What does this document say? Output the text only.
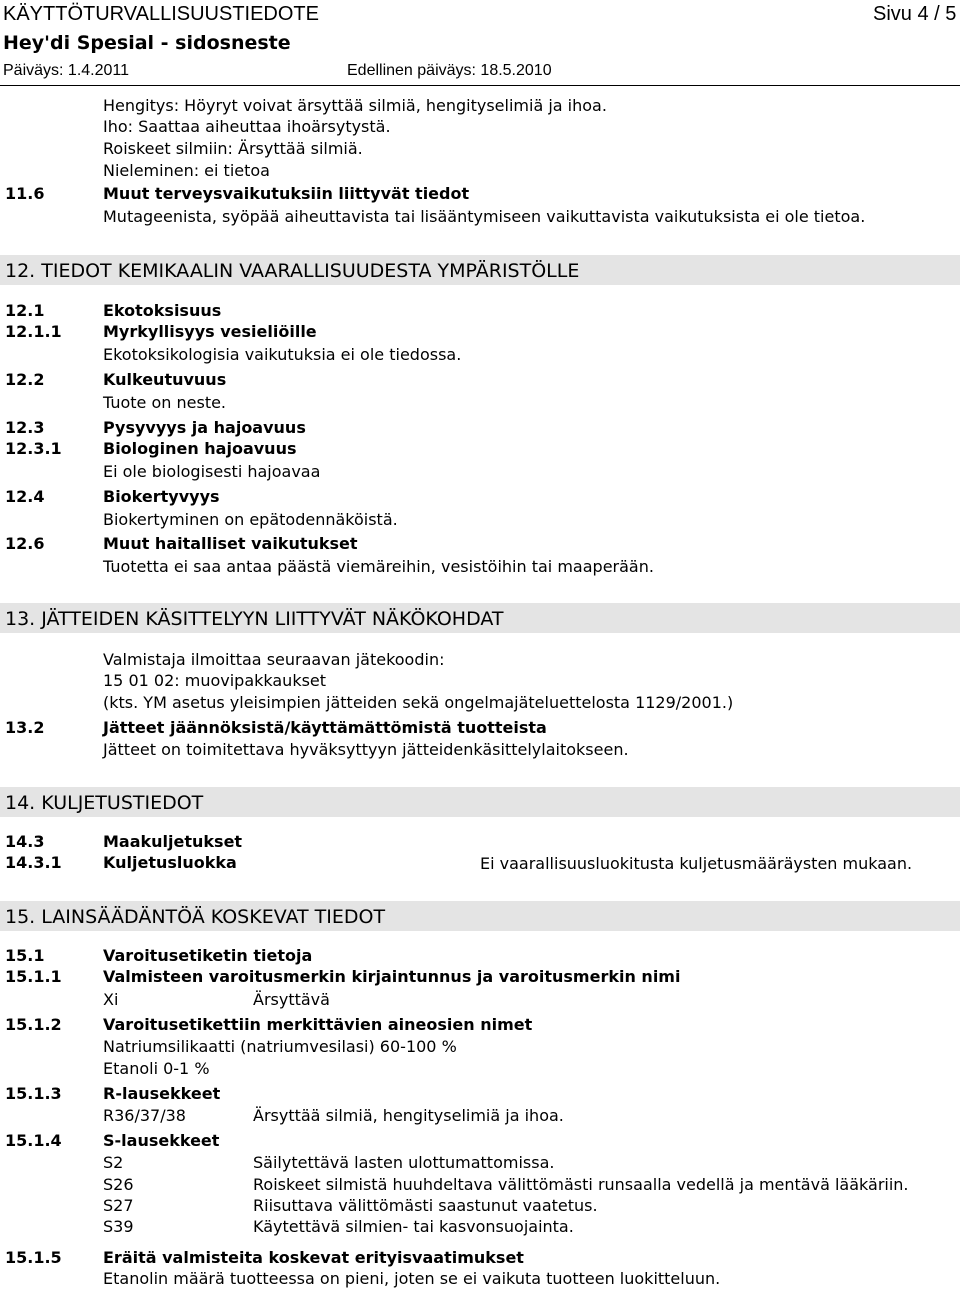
KÄYTTÖTURVALLISUUSTIEDOTE	Sivu 4 / 5
Hey'di Spesial - sidosneste
Päiväys: 1.4.2011	Edellinen päiväys: 18.5.2010
Hengitys: Höyryt voivat ärsyttää silmiä, hengityselimiä ja ihoa.
Iho: Saattaa aiheuttaa ihoärsytystä.
Roiskeet silmiin: Ärsyttää silmiä.
Nieleminen: ei tietoa
11.6	Muut terveysvaikutuksiin liittyvät tiedot
Mutageenista, syöpää aiheuttavista tai lisääntymiseen vaikuttavista vaikutuksista ei ole tietoa.
12. TIEDOT KEMIKAALIN VAARALLISUUDESTA YMPÄRISTÖLLE
12.1	Ekotoksisuus
12.1.1	Myrkyllisyys vesieliöille
Ekotoksikologisia vaikutuksia ei ole tiedossa.
12.2	Kulkeutuvuus
Tuote on neste.
12.3	Pysyvyys ja hajoavuus
12.3.1	Biologinen hajoavuus
Ei ole biologisesti hajoavaa
12.4	Biokertyvyys
Biokertyminen on epätodennäköistä.
12.6	Muut haitalliset vaikutukset
Tuotetta ei saa antaa päästä viemäreihin, vesistöihin tai maaperään.
13. JÄTTEIDEN KÄSITTELYYN LIITTYVÄT NÄKÖKOHDAT
Valmistaja ilmoittaa seuraavan jätekoodin:
15 01 02: muovipakkaukset
(kts. YM asetus yleisimpien jätteiden sekä ongelmajäteluettelosta 1129/2001.)
13.2	Jätteet jäännöksistä/käyttämättömistä tuotteista
Jätteet on toimitettava hyväksyttyyn jätteidenkäsittelylaitokseen.
14. KULJETUSTIEDOT
14.3	Maakuljetukset
14.3.1	Kuljetusluokka	Ei vaarallisuusluokitusta kuljetusmääräysten mukaan.
15. LAINSÄÄDÄNTÖÄ KOSKEVAT TIEDOT
15.1	Varoitusetiketin tietoja
15.1.1	Valmisteen varoitusmerkin kirjaintunnus ja varoitusmerkin nimi
Xi	Ärsyttävä
15.1.2	Varoitusetikettiin merkittävien aineosien nimet
Natriumsilikaatti (natriumvesilasi) 60-100 %
Etanoli 0-1 %
15.1.3	R-lausekkeet
R36/37/38	Ärsyttää silmiä, hengityselimiä ja ihoa.
15.1.4	S-lausekkeet
S2	Säilytettävä lasten ulottumattomissa.
S26	Roiskeet silmistä huuhdeltava välittömästi runsaalla vedellä ja mentävä lääkäriin.
S27	Riisuttava välittömästi saastunut vaatetus.
S39	Käytettävä silmien- tai kasvonsuojainta.
15.1.5	Eräitä valmisteita koskevat erityisvaatimukset
Etanolin määrä tuotteessa on pieni, joten se ei vaikuta tuotteen luokitteluun.
